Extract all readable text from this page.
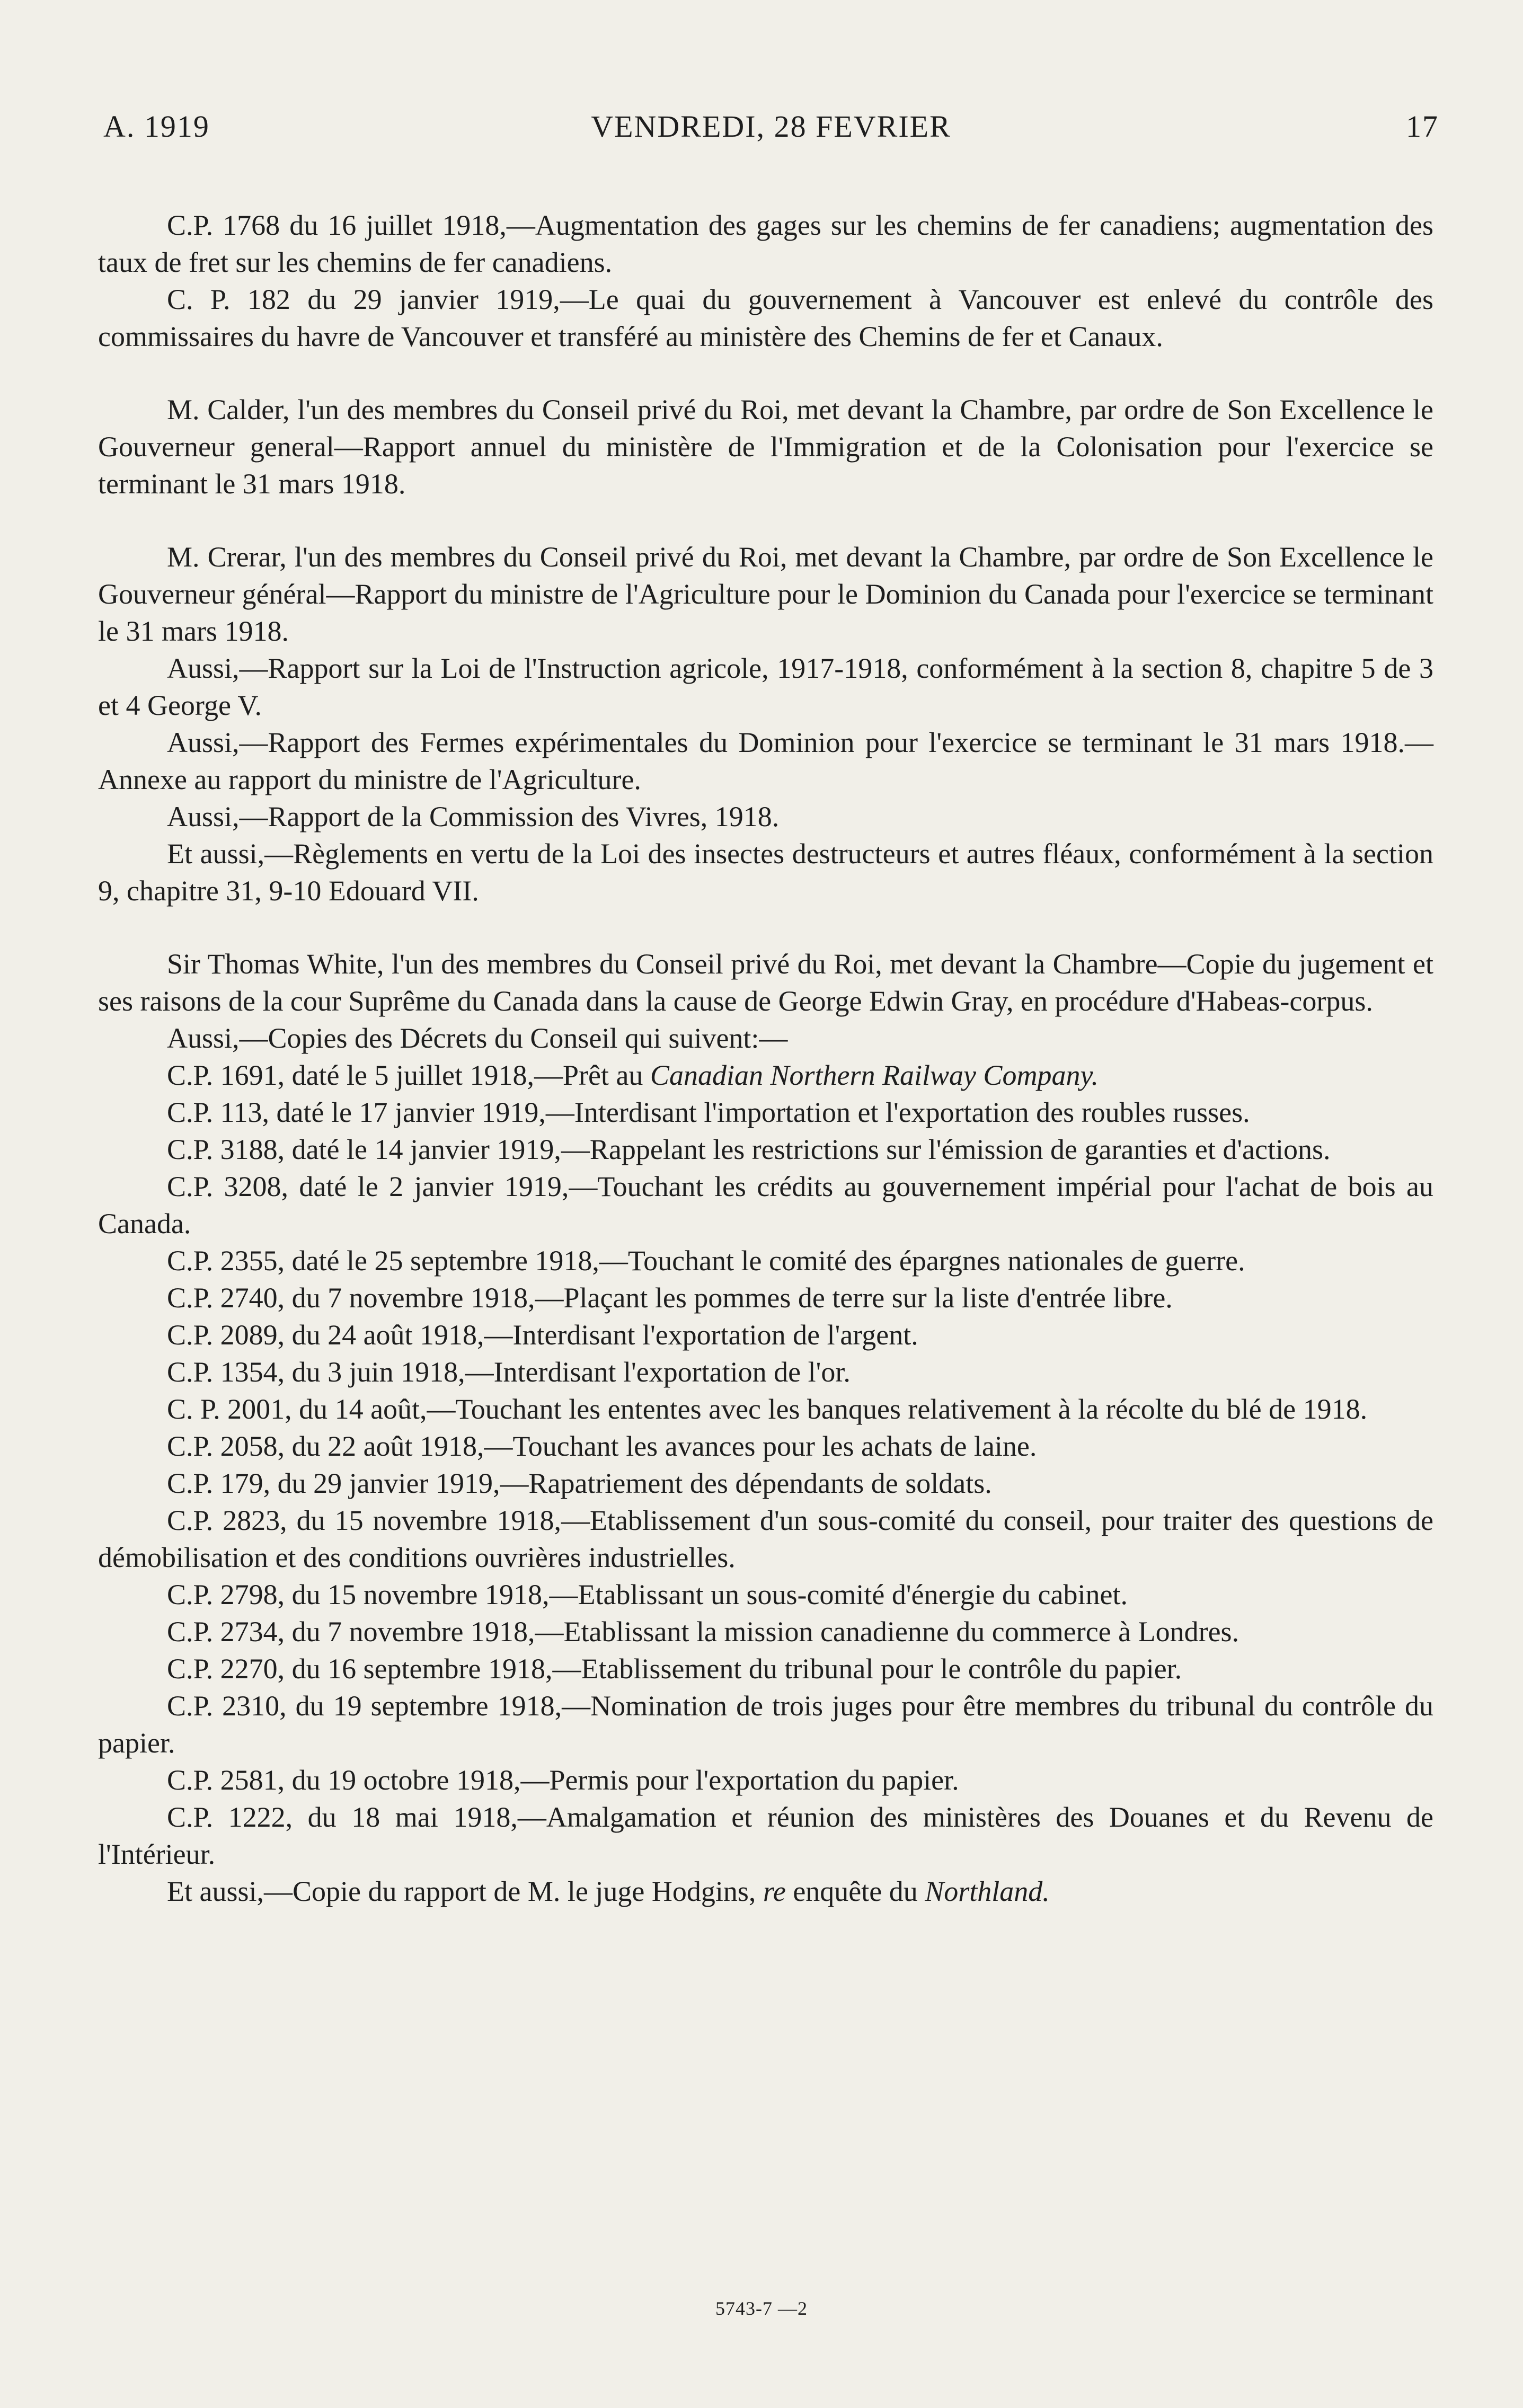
A. 1919	VENDREDI, 28 FEVRIER	17

C.P. 1768 du 16 juillet 1918,—Augmentation des gages sur les chemins de fer canadiens; augmentation des taux de fret sur les chemins de fer canadiens.

C. P. 182 du 29 janvier 1919,—Le quai du gouvernement à Vancouver est enlevé du contrôle des commissaires du havre de Vancouver et transféré au ministère des Chemins de fer et Canaux.

M. Calder, l'un des membres du Conseil privé du Roi, met devant la Chambre, par ordre de Son Excellence le Gouverneur general—Rapport annuel du ministère de l'Immigration et de la Colonisation pour l'exercice se terminant le 31 mars 1918.

M. Crerar, l'un des membres du Conseil privé du Roi, met devant la Chambre, par ordre de Son Excellence le Gouverneur général—Rapport du ministre de l'Agriculture pour le Dominion du Canada pour l'exercice se terminant le 31 mars 1918.

Aussi,—Rapport sur la Loi de l'Instruction agricole, 1917-1918, conformément à la section 8, chapitre 5 de 3 et 4 George V.

Aussi,—Rapport des Fermes expérimentales du Dominion pour l'exercice se terminant le 31 mars 1918.—Annexe au rapport du ministre de l'Agriculture.

Aussi,—Rapport de la Commission des Vivres, 1918.

Et aussi,—Règlements en vertu de la Loi des insectes destructeurs et autres fléaux, conformément à la section 9, chapitre 31, 9-10 Edouard VII.

Sir Thomas White, l'un des membres du Conseil privé du Roi, met devant la Chambre—Copie du jugement et ses raisons de la cour Suprême du Canada dans la cause de George Edwin Gray, en procédure d'Habeas-corpus.

Aussi,—Copies des Décrets du Conseil qui suivent:—

C.P. 1691, daté le 5 juillet 1918,—Prêt au Canadian Northern Railway Company.

C.P. 113, daté le 17 janvier 1919,—Interdisant l'importation et l'exportation des roubles russes.

C.P. 3188, daté le 14 janvier 1919,—Rappelant les restrictions sur l'émission de garanties et d'actions.

C.P. 3208, daté le 2 janvier 1919,—Touchant les crédits au gouvernement impérial pour l'achat de bois au Canada.

C.P. 2355, daté le 25 septembre 1918,—Touchant le comité des épargnes nationales de guerre.

C.P. 2740, du 7 novembre 1918,—Plaçant les pommes de terre sur la liste d'entrée libre.

C.P. 2089, du 24 août 1918,—Interdisant l'exportation de l'argent.

C.P. 1354, du 3 juin 1918,—Interdisant l'exportation de l'or.

C. P. 2001, du 14 août,—Touchant les ententes avec les banques relativement à la récolte du blé de 1918.

C.P. 2058, du 22 août 1918,—Touchant les avances pour les achats de laine.

C.P. 179, du 29 janvier 1919,—Rapatriement des dépendants de soldats.

C.P. 2823, du 15 novembre 1918,—Etablissement d'un sous-comité du conseil, pour traiter des questions de démobilisation et des conditions ouvrières industrielles.

C.P. 2798, du 15 novembre 1918,—Etablissant un sous-comité d'énergie du cabinet.

C.P. 2734, du 7 novembre 1918,—Etablissant la mission canadienne du commerce à Londres.

C.P. 2270, du 16 septembre 1918,—Etablissement du tribunal pour le contrôle du papier.

C.P. 2310, du 19 septembre 1918,—Nomination de trois juges pour être membres du tribunal du contrôle du papier.

C.P. 2581, du 19 octobre 1918,—Permis pour l'exportation du papier.

C.P. 1222, du 18 mai 1918,—Amalgamation et réunion des ministères des Douanes et du Revenu de l'Intérieur.

Et aussi,—Copie du rapport de M. le juge Hodgins, re enquête du Northland.

5743-7 —2
